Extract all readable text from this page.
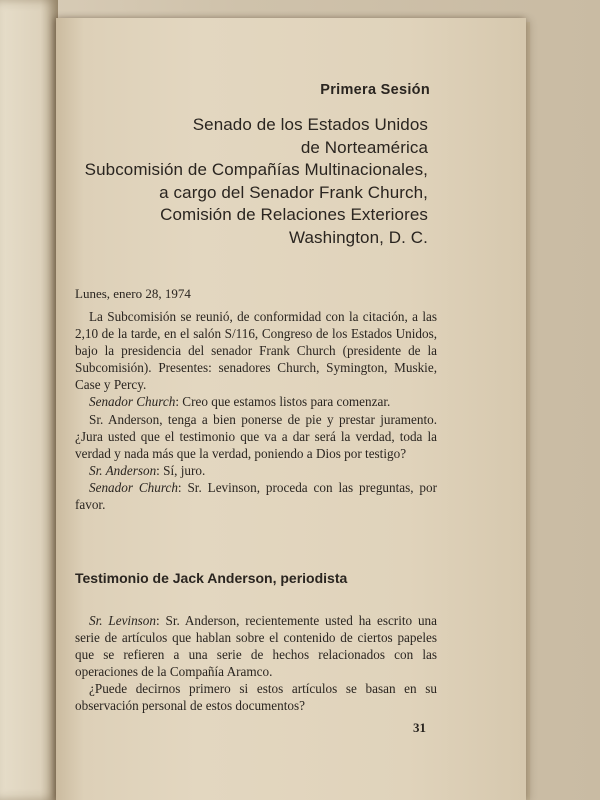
Primera Sesión
Senado de los Estados Unidos
de Norteamérica
Subcomisión de Compañías Multinacionales,
a cargo del Senador Frank Church,
Comisión de Relaciones Exteriores
Washington, D. C.
Lunes, enero 28, 1974

La Subcomisión se reunió, de conformidad con la citación, a las 2,10 de la tarde, en el salón S/116, Congreso de los Estados Unidos, bajo la presidencia del senador Frank Church (presidente de la Subcomisión). Presentes: senadores Church, Symington, Muskie, Case y Percy.

Senador Church: Creo que estamos listos para comenzar.

Sr. Anderson, tenga a bien ponerse de pie y prestar juramento. ¿Jura usted que el testimonio que va a dar será la verdad, toda la verdad y nada más que la verdad, poniendo a Dios por testigo?

Sr. Anderson: Sí, juro.

Senador Church: Sr. Levinson, proceda con las preguntas, por favor.

Testimonio de Jack Anderson, periodista

Sr. Levinson: Sr. Anderson, recientemente usted ha escrito una serie de artículos que hablan sobre el contenido de ciertos papeles que se refieren a una serie de hechos relacionados con las operaciones de la Compañía Aramco.

¿Puede decirnos primero si estos artículos se basan en su observación personal de estos documentos?

31
